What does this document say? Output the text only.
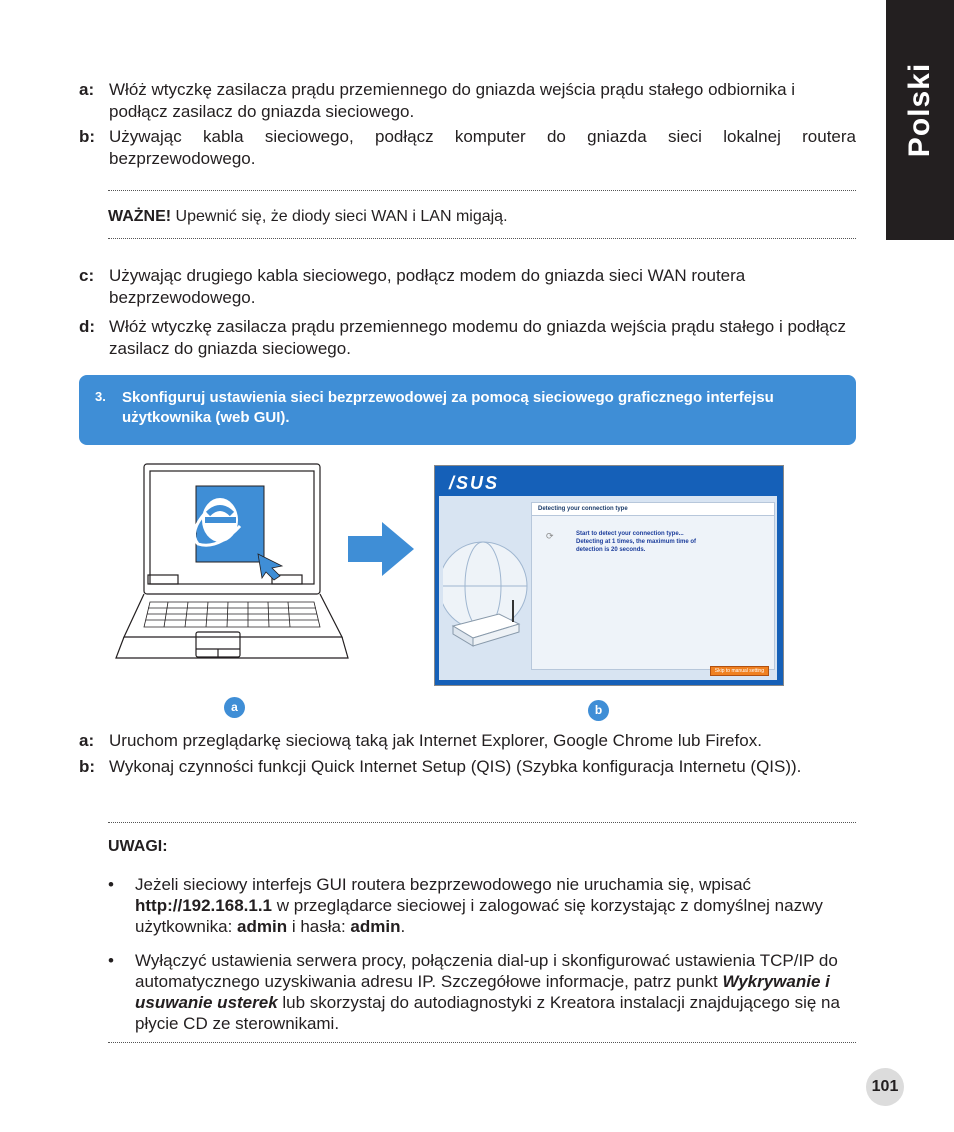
Polski
a: Włóż wtyczkę zasilacza prądu przemiennego do gniazda wejścia prądu stałego odbiornika i podłącz zasilacz do gniazda sieciowego.
b: Używając kabla sieciowego, podłącz komputer do gniazda sieci lokalnej routera bezprzewodowego.
WAŻNE! Upewnić się, że diody sieci WAN i LAN migają.
c: Używając drugiego kabla sieciowego, podłącz modem do gniazda sieci WAN routera bezprzewodowego.
d: Włóż wtyczkę zasilacza prądu przemiennego modemu do gniazda wejścia prądu stałego i podłącz zasilacz do gniazda sieciowego.
3. Skonfiguruj ustawienia sieci bezprzewodowej za pomocą sieciowego graficznego interfejsu użytkownika (web GUI).
/SUS
Detecting your connection type
⟳	Start to detect your connection type...
Detecting at 1 times, the maximum time of
detection is 20 seconds.
Skip to manual setting
a	b
a: Uruchom przeglądarkę sieciową taką jak Internet Explorer, Google Chrome lub Firefox.
b: Wykonaj czynności funkcji Quick Internet Setup (QIS) (Szybka konfiguracja Internetu (QIS)).
UWAGI:
• Jeżeli sieciowy interfejs GUI routera bezprzewodowego nie uruchamia się, wpisać http://192.168.1.1 w przeglądarce sieciowej i zalogować się korzystając z domyślnej nazwy użytkownika: admin i hasła: admin.
• Wyłączyć ustawienia serwera procy, połączenia dial-up i skonfigurować ustawienia TCP/IP do automatycznego uzyskiwania adresu IP. Szczegółowe informacje, patrz punkt Wykrywanie i usuwanie usterek lub skorzystaj do autodiagnostyki z Kreatora instalacji znajdującego się na płycie CD ze sterownikami.
101
